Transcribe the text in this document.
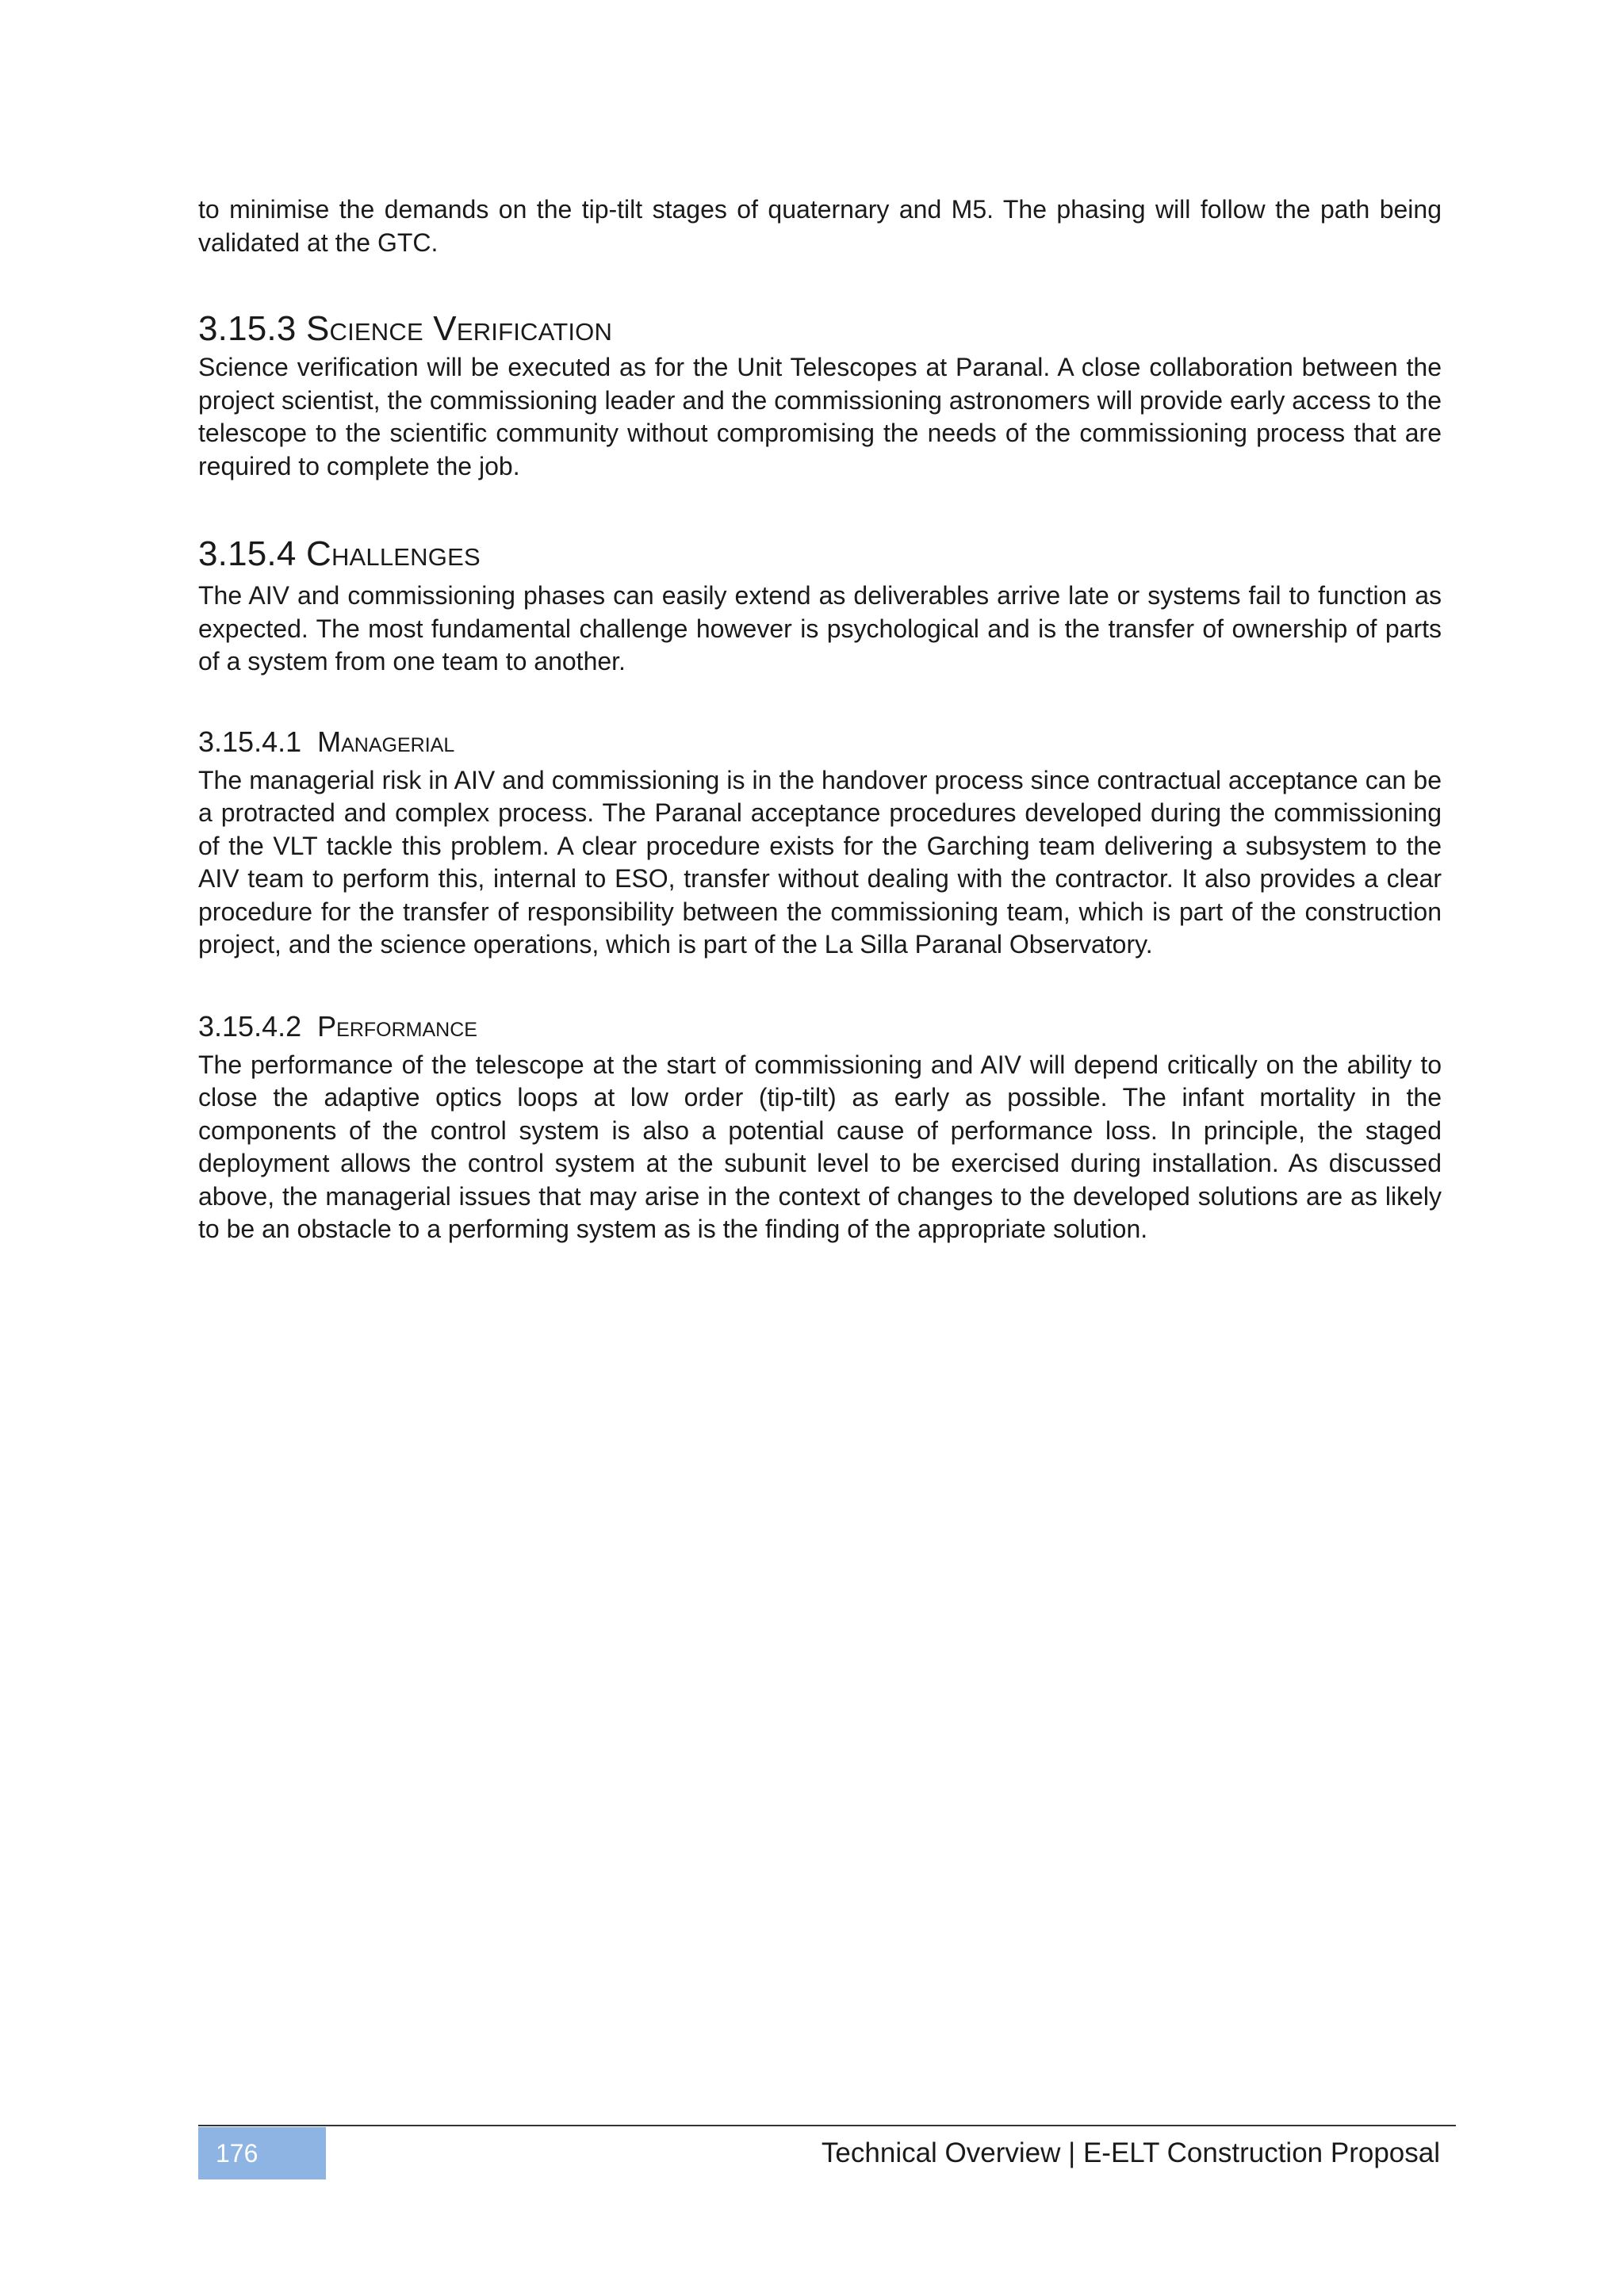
to minimise the demands on the tip-tilt stages of quaternary and M5. The phasing will follow the path being validated at the GTC.

3.15.3 Science Verification

Science verification will be executed as for the Unit Telescopes at Paranal. A close collaboration between the project scientist, the commissioning leader and the commissioning astronomers will provide early access to the telescope to the scientific community without compromising the needs of the commissioning process that are required to complete the job.

3.15.4 Challenges

The AIV and commissioning phases can easily extend as deliverables arrive late or systems fail to function as expected. The most fundamental challenge however is psychological and is the transfer of ownership of parts of a system from one team to another.

3.15.4.1 Managerial

The managerial risk in AIV and commissioning is in the handover process since contractual acceptance can be a protracted and complex process. The Paranal acceptance procedures developed during the commissioning of the VLT tackle this problem. A clear procedure exists for the Garching team delivering a subsystem to the AIV team to perform this, internal to ESO, transfer without dealing with the contractor. It also provides a clear procedure for the transfer of responsibility between the commissioning team, which is part of the construction project, and the science operations, which is part of the La Silla Paranal Observatory.

3.15.4.2 Performance

The performance of the telescope at the start of commissioning and AIV will depend critically on the ability to close the adaptive optics loops at low order (tip-tilt) as early as possible. The infant mortality in the components of the control system is also a potential cause of performance loss. In principle, the staged deployment allows the control system at the subunit level to be exercised during installation. As discussed above, the managerial issues that may arise in the context of changes to the developed solutions are as likely to be an obstacle to a performing system as is the finding of the appropriate solution.

176	Technical Overview | E-ELT Construction Proposal
